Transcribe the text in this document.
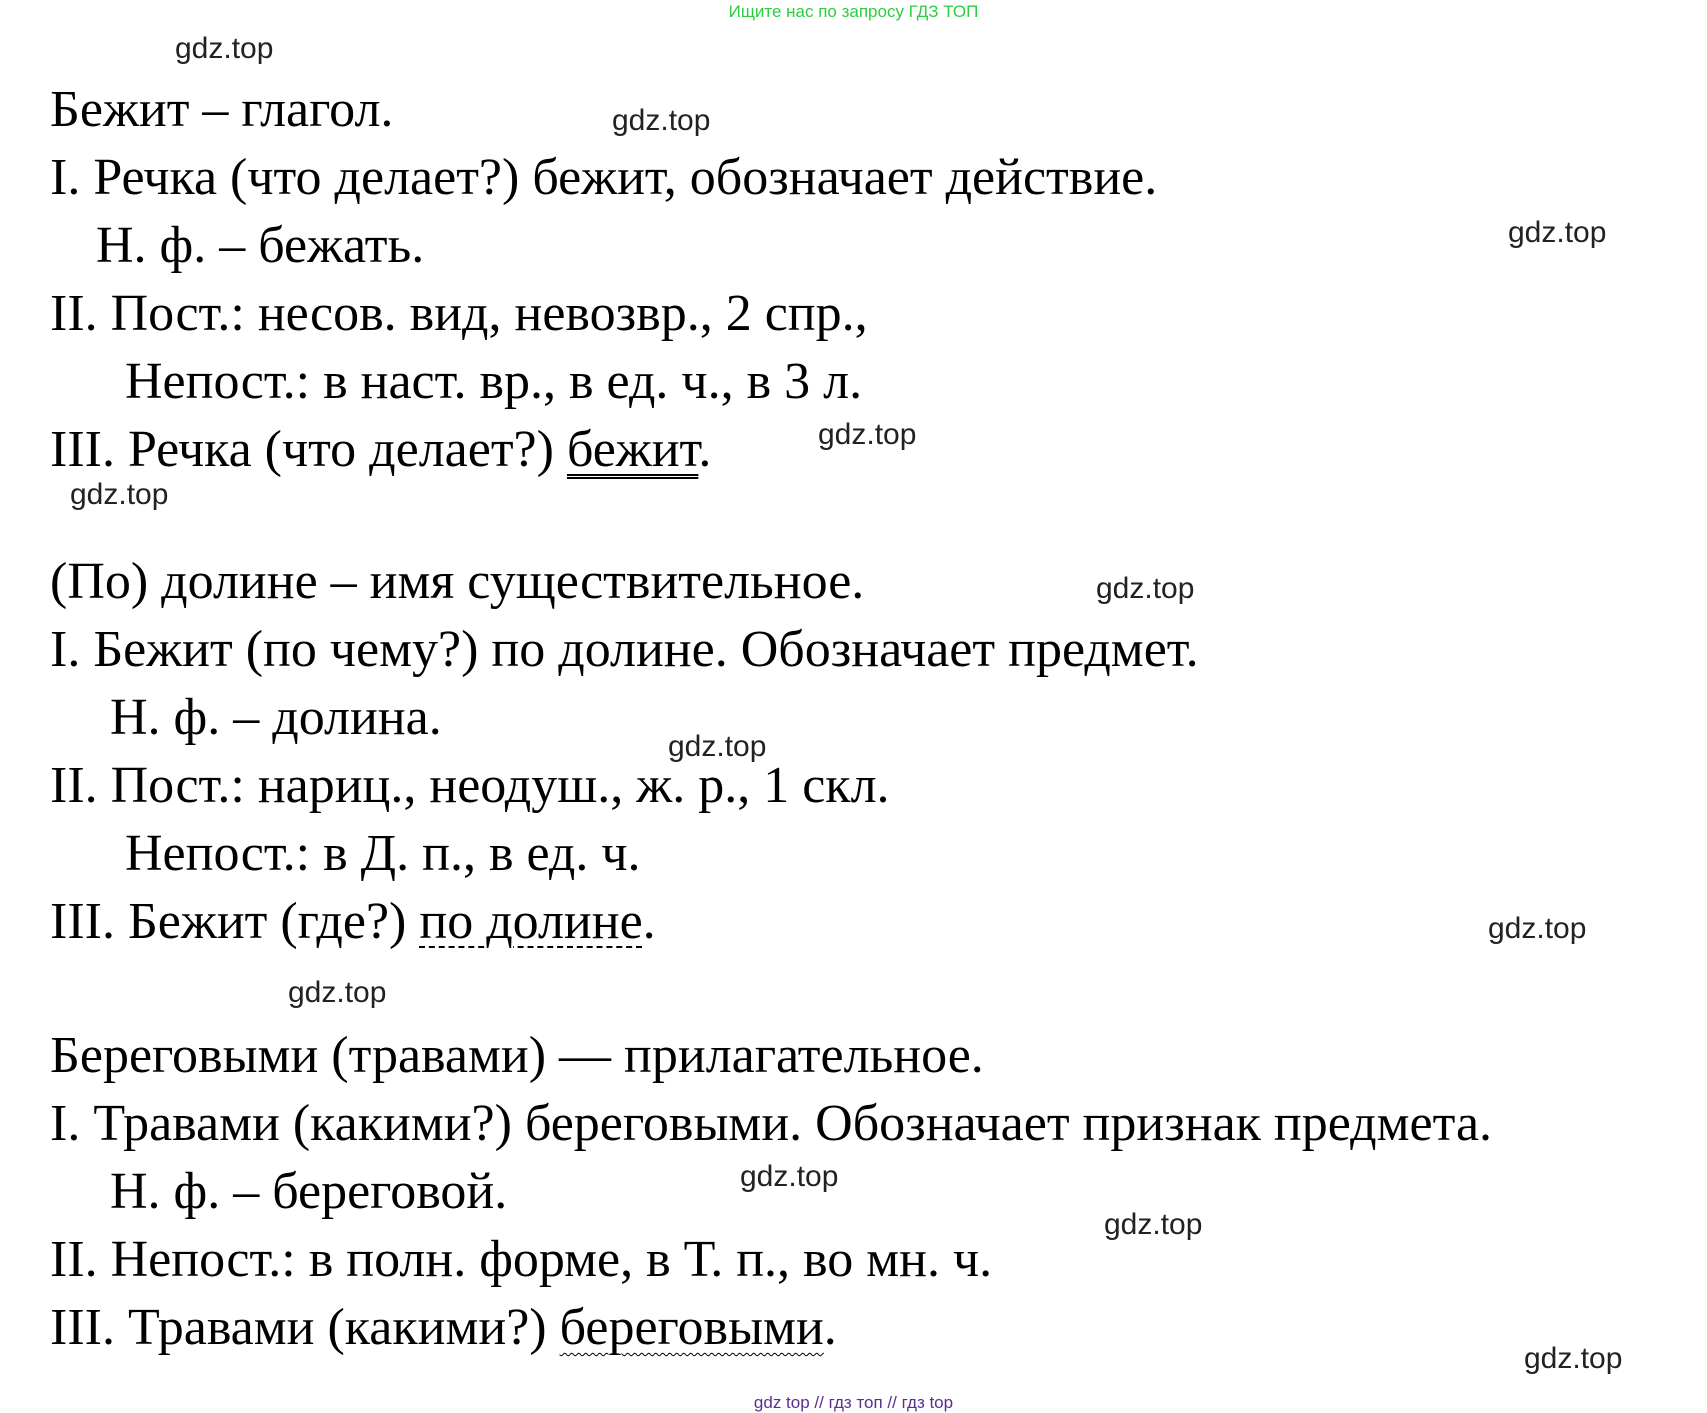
Ищите нас по запросу ГДЗ ТОП
Бежит – глагол.
I. Речка (что делает?) бежит, обозначает действие.
Н. ф. – бежать.
II. Пост.: несов. вид, невозвр., 2 спр.,
Непост.: в наст. вр., в ед. ч., в 3 л.
III. Речка (что делает?) бежит.
(По) долине – имя существительное.
I. Бежит (по чему?) по долине. Обозначает предмет.
Н. ф. – долина.
II. Пост.: нариц., неодуш., ж. р., 1 скл.
Непост.: в Д. п., в ед. ч.
III. Бежит (где?) по долине.
Береговыми (травами) — прилагательное.
I. Травами (какими?) береговыми. Обозначает признак предмета.
Н. ф. – береговой.
II. Непост.: в полн. форме, в Т. п., во мн. ч.
III. Травами (какими?) береговыми.
gdz.top
gdz.top
gdz.top
gdz.top
gdz.top
gdz.top
gdz.top
gdz.top
gdz.top
gdz.top
gdz.top
gdz.top
gdz top // гдз топ // гдз top
